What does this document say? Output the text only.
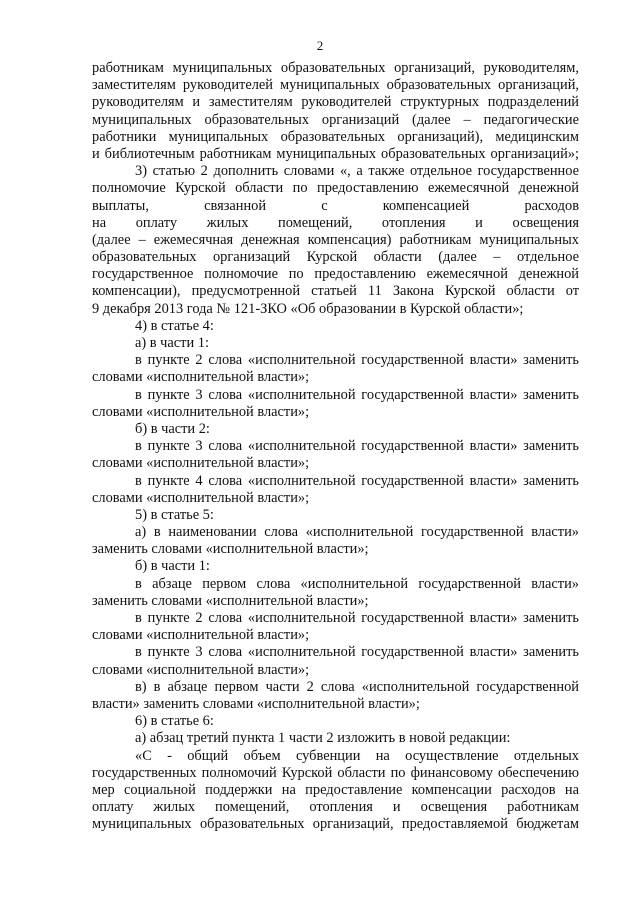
2
работникам муниципальных образовательных организаций, руководителям,
заместителям руководителей муниципальных образовательных организаций,
руководителям и заместителям руководителей структурных подразделений
муниципальных образовательных организаций (далее – педагогические
работники муниципальных образовательных организаций), медицинским
и библиотечным работникам муниципальных образовательных организаций»;
3) статью 2 дополнить словами «, а также отдельное государственное
полномочие Курской области по предоставлению ежемесячной денежной
выплаты, связанной с компенсацией расходов
на оплату жилых помещений, отопления и освещения
(далее – ежемесячная денежная компенсация) работникам муниципальных
образовательных организаций Курской области (далее – отдельное
государственное полномочие по предоставлению ежемесячной денежной
компенсации), предусмотренной статьей 11 Закона Курской области от
9 декабря 2013 года № 121-ЗКО «Об образовании в Курской области»;
4) в статье 4:
а) в части 1:
в пункте 2 слова «исполнительной государственной власти» заменить
словами «исполнительной власти»;
в пункте 3 слова «исполнительной государственной власти» заменить
словами «исполнительной власти»;
б) в части 2:
в пункте 3 слова «исполнительной государственной власти» заменить
словами «исполнительной власти»;
в пункте 4 слова «исполнительной государственной власти» заменить
словами «исполнительной власти»;
5) в статье 5:
а) в наименовании слова «исполнительной государственной власти»
заменить словами «исполнительной власти»;
б) в части 1:
в абзаце первом слова «исполнительной государственной власти»
заменить словами «исполнительной власти»;
в пункте 2 слова «исполнительной государственной власти» заменить
словами «исполнительной власти»;
в пункте 3 слова «исполнительной государственной власти» заменить
словами «исполнительной власти»;
в) в абзаце первом части 2 слова «исполнительной государственной
власти» заменить словами «исполнительной власти»;
6) в статье 6:
а) абзац третий пункта 1 части 2 изложить в новой редакции:
«С - общий объем субвенции на осуществление отдельных
государственных полномочий Курской области по финансовому обеспечению
мер социальной поддержки на предоставление компенсации расходов на
оплату жилых помещений, отопления и освещения работникам
муниципальных образовательных организаций, предоставляемой бюджетам
